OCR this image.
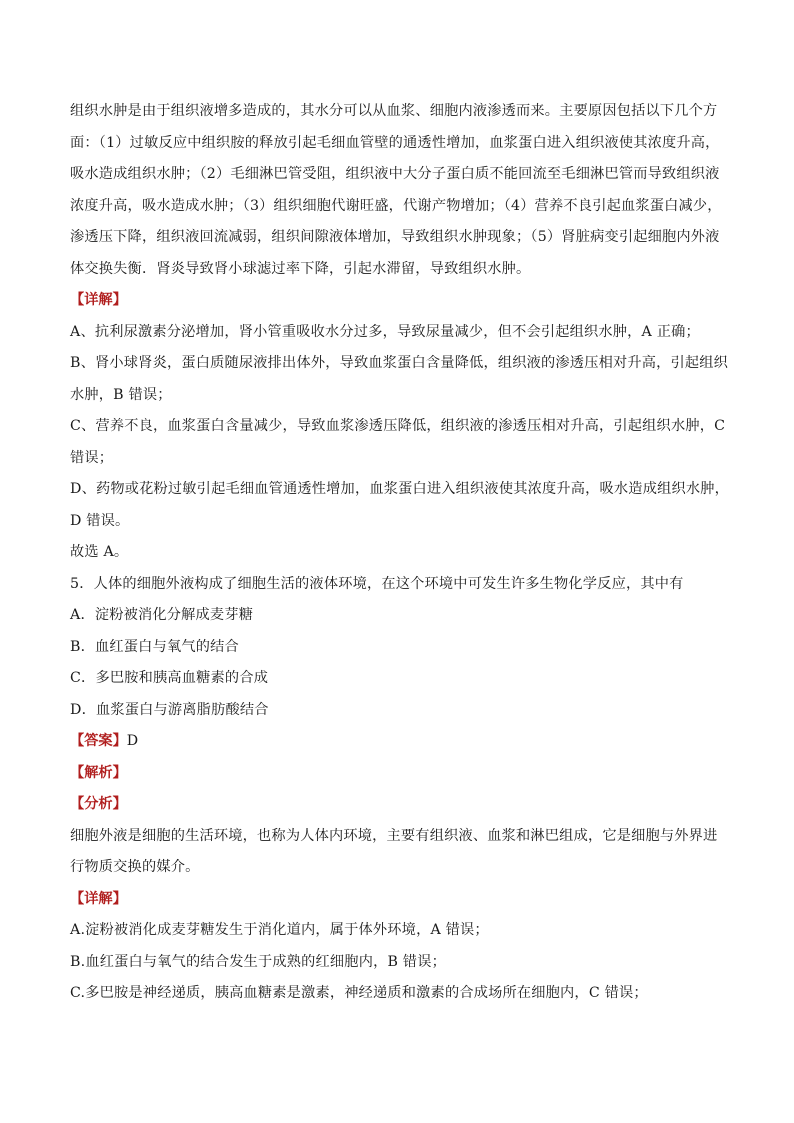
组织水肿是由于组织液增多造成的，其水分可以从血浆、细胞内液渗透而来。主要原因包括以下几个方面：（1）过敏反应中组织胺的释放引起毛细血管壁的通透性增加，血浆蛋白进入组织液使其浓度升高，吸水造成组织水肿；（2）毛细淋巴管受阻，组织液中大分子蛋白质不能回流至毛细淋巴管而导致组织液浓度升高，吸水造成水肿；（3）组织细胞代谢旺盛，代谢产物增加；（4）营养不良引起血浆蛋白减少，渗透压下降，组织液回流减弱，组织间隙液体增加，导致组织水肿现象；（5）肾脏病变引起细胞内外液体交换失衡．肾炎导致肾小球滤过率下降，引起水滞留，导致组织水肿。

【详解】

A、抗利尿激素分泌增加，肾小管重吸收水分过多，导致尿量减少，但不会引起组织水肿，A 正确；

B、肾小球肾炎，蛋白质随尿液排出体外，导致血浆蛋白含量降低，组织液的渗透压相对升高，引起组织水肿，B 错误；

C、营养不良，血浆蛋白含量减少，导致血浆渗透压降低，组织液的渗透压相对升高，引起组织水肿，C 错误；

D、药物或花粉过敏引起毛细血管通透性增加，血浆蛋白进入组织液使其浓度升高，吸水造成组织水肿，D 错误。

故选 A。

5．人体的细胞外液构成了细胞生活的液体环境，在这个环境中可发生许多生物化学反应，其中有

A．淀粉被消化分解成麦芽糖

B．血红蛋白与氧气的结合

C．多巴胺和胰高血糖素的合成

D．血浆蛋白与游离脂肪酸结合

【答案】D

【解析】

【分析】

细胞外液是细胞的生活环境，也称为人体内环境，主要有组织液、血浆和淋巴组成，它是细胞与外界进行物质交换的媒介。

【详解】

A.淀粉被消化成麦芽糖发生于消化道内，属于体外环境，A 错误；

B.血红蛋白与氧气的结合发生于成熟的红细胞内，B 错误；

C.多巴胺是神经递质，胰高血糖素是激素，神经递质和激素的合成场所在细胞内，C 错误；
